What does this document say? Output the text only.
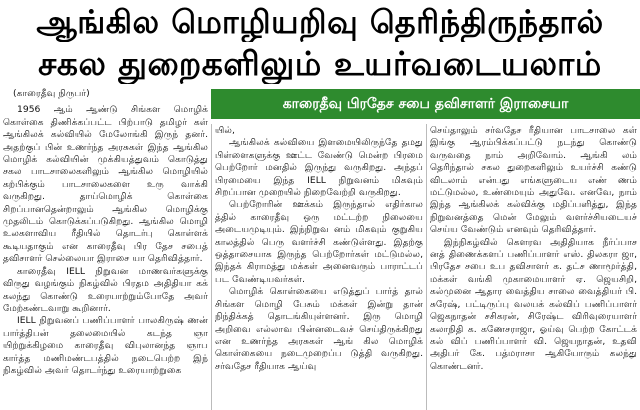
ஆங்கில மொழியறிவு தெரிந்திருந்தால்
சகல துறைகளிலும் உயர்வடையலாம்
காரைதீவு பிரதேச சபை தவிசாளர் இராசையா

(காரைதீவு நிருபர்)

1956 ஆம் ஆண்டு சிங்கள மொழிக் கொள்கை திணிக்கப்பட்ட பிற்பாடு தமிழர் கள் ஆங்கிலக் கல்வியில் மேலோங்கி இருந் தனர். அதற்குப் பின் உணர்ந்த அரசுகள் இந்த ஆங்கில மொழிக் கல்வியின் முக்கியத்துவம் கொடுத்து சகல பாடசாலைகளிலும் ஆங்கில மொழியில் கற்பிக்கும் பாடசாலைகளை உரு வாக்கி வருகிறது. தாய்மொழிக் கொள்கை சிறப்பானதென்றாலும் ஆங்கில மொழிக்கு முதலிடம் கொடுக்கப்படுகிறது. ஆங்கில மொழி உலகளாவிய ரீதியில் தொடர்பு கொள்ளக் கூடியதாகும் என காரைதீவு பிர தேச சபைத் தவிசாளர் செல்லையா இராசை யா தெரிவித்தார்.

காரைதீவு IELL நிறுவன மாணவர்களுக்கு விருது வழங்கும் நிகழ்வில் பிரதம அதிதியா கக் கலந்து கொண்டு உரையாற்றும்போதே அவர் மேற்கண்டவாறு கூறினார்.

IELL நிறுவனப் பணிப்பாளர் பாலகிருஷ் ணன் பார்த்திபன் தலைமையில் கடந்த ஞா யிற்றுக்கிழமை காரைதீவு விபுலானந்த ஞாப கார்த்த மணிமண்டபத்தில் நடைபெற்ற இந் நிகழ்வில் அவர் தொடர்ந்து உரையாற்றுகை

யில்,

ஆங்கிலக் கல்வியை இளமையிலிருந்தே தமது பிள்ளைகளுக்கு ஊட்ட வேண்டு மென்ற பிரமை பெற்றோர் மனதில் இருந்து வருகிறது. அந்தப் பிரமையை இந்த IELL நிறுவனம் மிகவும் சிறப்பான முறையில் நிறைவேற்றி வருகிறது.

பெற்றோரின் ஊக்கம் இருந்தால் எதிர்கால த்தில் காரைதீவு ஒரு மட்டற்ற நிலையை அடையமுடியும். இந்நிறுவ னம் மிகவும் குறுகிய காலத்தில் பெரு வளர்ச்சி கண்டுள்ளது. இதற்கு ஒத்தாசையாக இருந்த பெற்றோர்கள் மட்டுமல்ல, இந்தக் கிராமத்து மக்கள் அனைவரும் பாராட்டப் பட வேண்டியவர்கள்.

மொழிக் கொள்கையை எடுத்துப் பார்த் தால் சிங்கள மொழி பேசும் மக்கள் இன்று தான் நிந்திக்கத் தொடங்கியுள்ளனர். இரு மொழி அறிவை எல்லாவ பின்னடைவச் செய்திருக்கிறது என உணர்ந்த அரசுகள் ஆங் கில மொழிக் கொள்கையை நடைமுறைப்ப டுத்தி வருகிறது. சர்வதேச ரீதியாக ஆய்வு

செய்தாலும் சர்வதேச ரீதியான பாடசாலை கள் இங்கு ஆரம்பிக்கப்பட்டு நடந்து கொண்டு வருவதை நாம் அறிவோம். ஆங்கி லம் தெரிந்தால் சகல துறைகளிலும் உயர்ச்சி கண்டு விடலாம் என்பது எங்களுடைய எண் ணம் மட்டுமல்ல, உண்மையும் அதுவே. எனவே, நாம் இந்த ஆங்கிலக் கல்விக்கு மதிப்பளித்து, இந்த நிறுவனத்தை மென் மேலும் வளர்ச்சியடையச் செய்ய வேண்டும் எனவும் தெரிவித்தார்.

இந்நிகழ்வில் கௌரவ அதிதியாக நீர்ப்பாச னத் திணைக்களப் பணிப்பாளர் எஸ். திலகரா ஜா, பிரதேச சபை உப தவிசாளர் க. தட்ச ணாமூர்த்தி, மக்கள் வங்கி முகாமையாளர் ஏ. ஜெயசிறி, கல்முனை ஆதார வைத்திய சாலை வைத்தியர் பி. சுரேஷ், பட்டிருப்பு வலயக் கல்விப் பணிப்பாளர் ஜெகநாதன் சசிகரன், சிரேஷ்ட விரிவுரையாளர் கலாநிதி க. கணேசராஜா, ஓய்வு பெற்ற கோட்டக் கல் விப் பணிப்பாளர் வி. ஜெயநாதன், உதவி அதிபர் கே. பத்மராசா ஆகியோரும் கலந்து கொண்டனர்.
